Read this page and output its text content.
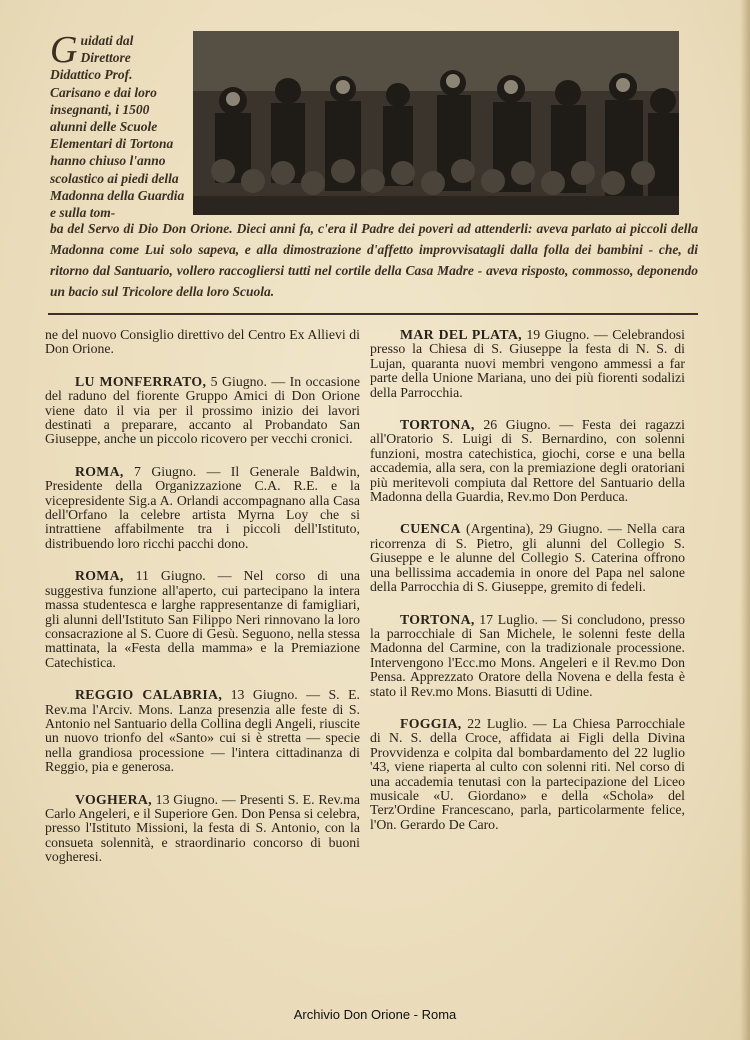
Guidati dal Direttore Didattico Prof. Carisano e dai loro insegnanti, i 1500 alunni delle Scuole Elementari di Tortona hanno chiuso l'anno scolastico ai piedi della Madonna della Guardia e sulla tom-
ba del Servo di Dio Don Orione. Dieci anni fa, c'era il Padre dei poveri ad attenderli: aveva parlato ai piccoli della Madonna come Lui solo sapeva, e alla dimostrazione d'affetto improvvisatagli dalla folla dei bambini - che, di ritorno dal Santuario, vollero raccogliersi tutti nel cortile della Casa Madre - aveva risposto, commosso, deponendo un bacio sul Tricolore della loro Scuola.

ne del nuovo Consiglio direttivo del Centro Ex Allievi di Don Orione.

LU MONFERRATO, 5 Giugno. — In occasione del raduno del fiorente Gruppo Amici di Don Orione viene dato il via per il prossimo inizio dei lavori destinati a preparare, accanto al Probandato San Giuseppe, anche un piccolo ricovero per vecchi cronici.

ROMA, 7 Giugno. — Il Generale Baldwin, Presidente della Organizzazione C.A. R.E. e la vicepresidente Sig.a A. Orlandi accompagnano alla Casa dell'Orfano la celebre artista Myrna Loy che si intrattiene affabilmente tra i piccoli dell'Istituto, distribuendo loro ricchi pacchi dono.

ROMA, 11 Giugno. — Nel corso di una suggestiva funzione all'aperto, cui partecipano la intera massa studentesca e larghe rappresentanze di famigliari, gli alunni dell'Istituto San Filippo Neri rinnovano la loro consacrazione al S. Cuore di Gesù. Seguono, nella stessa mattinata, la «Festa della mamma» e la Premiazione Catechistica.

REGGIO CALABRIA, 13 Giugno. — S. E. Rev.ma l'Arciv. Mons. Lanza presenzia alle feste di S. Antonio nel Santuario della Collina degli Angeli, riuscite un nuovo trionfo del «Santo» cui si è stretta — specie nella grandiosa processione — l'intera cittadinanza di Reggio, pia e generosa.

VOGHERA, 13 Giugno. — Presenti S. E. Rev.ma Carlo Angeleri, e il Superiore Gen. Don Pensa si celebra, presso l'Istituto Missioni, la festa di S. Antonio, con la consueta solennità, e straordinario concorso di buoni vogheresi.

MAR DEL PLATA, 19 Giugno. — Celebrandosi presso la Chiesa di S. Giuseppe la festa di N. S. di Lujan, quaranta nuovi membri vengono ammessi a far parte della Unione Mariana, uno dei più fiorenti sodalizi della Parrocchia.

TORTONA, 26 Giugno. — Festa dei ragazzi all'Oratorio S. Luigi di S. Bernardino, con solenni funzioni, mostra catechistica, giochi, corse e una bella accademia, alla sera, con la premiazione degli oratoriani più meritevoli compiuta dal Rettore del Santuario della Madonna della Guardia, Rev.mo Don Perduca.

CUENCA (Argentina), 29 Giugno. — Nella cara ricorrenza di S. Pietro, gli alunni del Collegio S. Giuseppe e le alunne del Collegio S. Caterina offrono una bellissima accademia in onore del Papa nel salone della Parrocchia di S. Giuseppe, gremito di fedeli.

TORTONA, 17 Luglio. — Si concludono, presso la parrocchiale di San Michele, le solenni feste della Madonna del Carmine, con la tradizionale processione. Intervengono l'Ecc.mo Mons. Angeleri e il Rev.mo Don Pensa. Apprezzato Oratore della Novena e della festa è stato il Rev.mo Mons. Biasutti di Udine.

FOGGIA, 22 Luglio. — La Chiesa Parrocchiale di N. S. della Croce, affidata ai Figli della Divina Provvidenza e colpita dal bombardamento del 22 luglio '43, viene riaperta al culto con solenni riti. Nel corso di una accademia tenutasi con la partecipazione del Liceo musicale «U. Giordano» e della «Schola» del Terz'Ordine Francescano, parla, particolarmente felice, l'On. Gerardo De Caro.

Archivio Don Orione - Roma
